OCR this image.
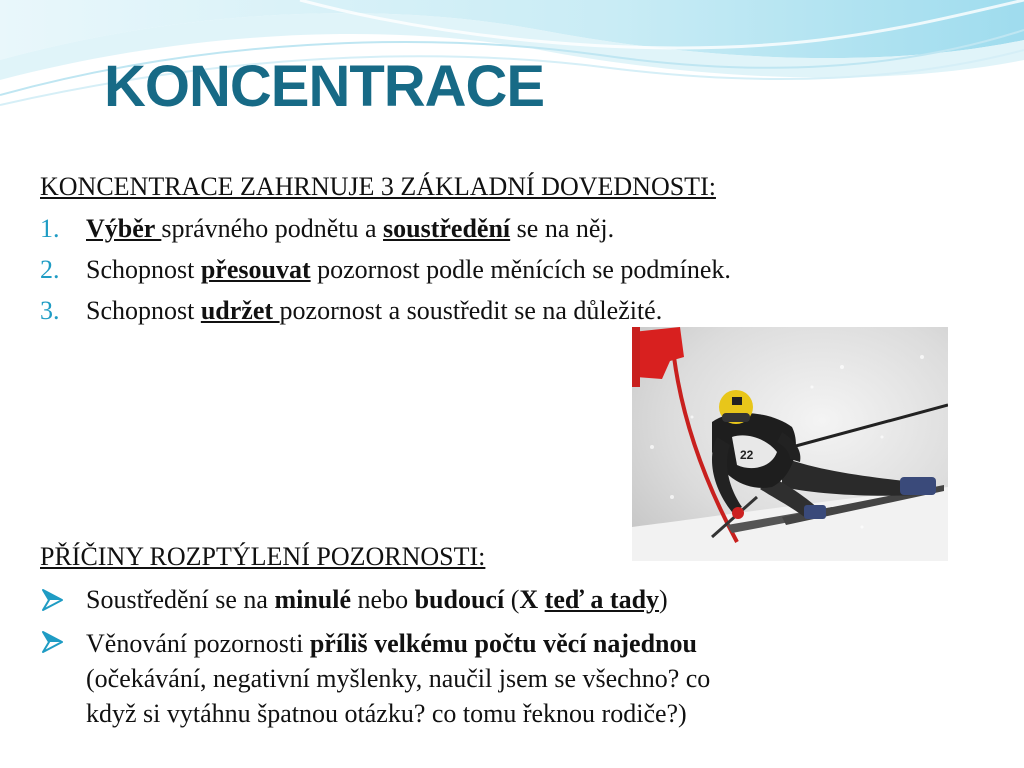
KONCENTRACE

KONCENTRACE ZAHRNUJE 3 ZÁKLADNÍ DOVEDNOSTI:

1. Výběr správného podnětu a soustředění se na něj.
2. Schopnost přesouvat pozornost podle měnících se podmínek.
3. Schopnost udržet pozornost a soustředit se na důležité.
22

PŘÍČINY ROZPTÝLENÍ POZORNOSTI:

Soustředění se na minulé nebo budoucí (X teď a tady)
Věnování pozornosti příliš velkému počtu věcí najednou
(očekávání, negativní myšlenky, naučil jsem se všechno? co
když si vytáhnu špatnou otázku? co tomu řeknou rodiče?)
